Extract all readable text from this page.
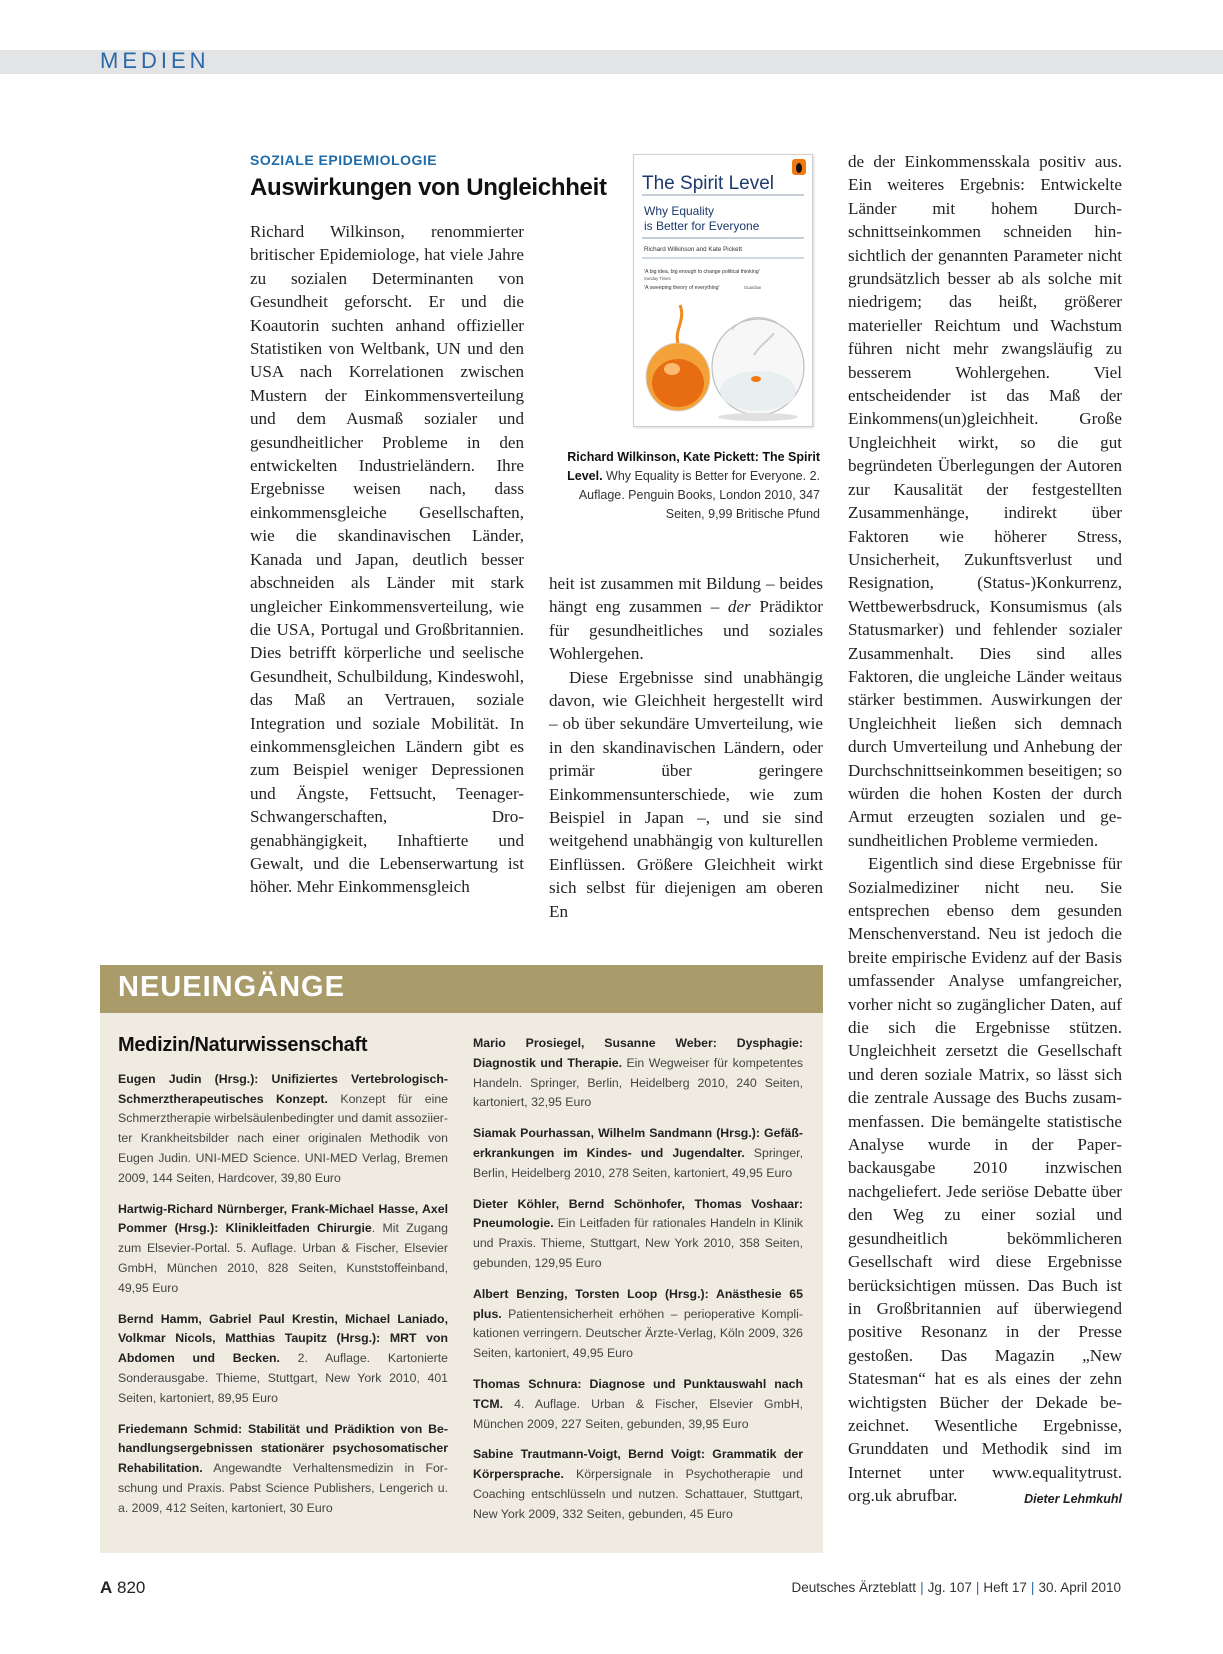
MEDIEN
SOZIALE EPIDEMIOLOGIE
Auswirkungen von Ungleichheit

Richard Wilkinson, renommierter britischer Epidemiologe, hat viele Jahre zu sozialen Determinanten von Gesundheit geforscht. Er und die Koautorin suchten anhand offizieller Statistiken von Weltbank, UN und den USA nach Korrelationen zwischen Mustern der Einkommensverteilung und dem Ausmaß sozialer und gesundheitlicher Probleme in den entwickelten Industrieländern. Ihre Ergebnisse weisen nach, dass einkommensgleiche Gesellschaften, wie die skandinavischen Länder, Kanada und Japan, deutlich besser abschneiden als Länder mit stark ungleicher Einkommensverteilung, wie die USA, Portugal und Großbritannien. Dies betrifft körperliche und seelische Gesundheit, Schulbildung, Kindeswohl, das Maß an Vertrauen, soziale Integration und soziale Mobilität. In einkommensgleichen Ländern gibt es zum Beispiel weniger Depressionen und Ängste, Fettsucht, Teenager-Schwangerschaften, Drogenabhängigkeit, Inhaftierte und Gewalt, und die Lebenserwartung ist höher. Mehr Einkommensgleich

The Spirit Level
Why Equality
is Better for Everyone
Richard Wilkinson and Kate Pickett
'A big idea, big enough to change political thinking'
Sunday Times
'A sweeping theory of everything'	Guardian
Richard Wilkinson, Kate Pickett: The Spirit Level. Why Equality is Better for Everyone. 2. Auflage. Penguin Books, London 2010, 347 Seiten, 9,99 Britische Pfund

heit ist zusammen mit Bildung – beides hängt eng zusammen – der Prädiktor für gesundheitliches und soziales Wohlergehen.

Diese Ergebnisse sind unabhängig davon, wie Gleichheit hergestellt wird – ob über sekundäre Umverteilung, wie in den skandinavischen Ländern, oder primär über geringere Einkommensunterschiede, wie zum Beispiel in Japan –, und sie sind weitgehend unabhängig von kulturellen Einflüssen. Größere Gleichheit wirkt sich selbst für diejenigen am oberen En

de der Einkommensskala positiv aus. Ein weiteres Ergebnis: Entwickelte Länder mit hohem Durchschnittseinkommen schneiden hinsichtlich der genannten Parameter nicht grundsätzlich besser ab als solche mit niedrigem; das heißt, größerer materieller Reichtum und Wachstum führen nicht mehr zwangsläufig zu besserem Wohlergehen. Viel entscheidender ist das Maß der Einkommens(un)gleichheit. Große Ungleichheit wirkt, so die gut begründeten Überlegungen der Autoren zur Kausalität der festgestellten Zusammenhänge, indirekt über Faktoren wie höherer Stress, Unsicherheit, Zukunftsverlust und Resignation, (Status-)Konkurrenz, Wettbewerbsdruck, Konsumismus (als Statusmarker) und fehlender sozialer Zusammenhalt. Dies sind alles Faktoren, die ungleiche Länder weitaus stärker bestimmen. Auswirkungen der Ungleichheit ließen sich demnach durch Umverteilung und Anhebung der Durchschnittseinkommen beseitigen; so würden die hohen Kosten der durch Armut erzeugten sozialen und gesundheitlichen Probleme vermieden.

Eigentlich sind diese Ergebnisse für Sozialmediziner nicht neu. Sie entsprechen ebenso dem gesunden Menschenverstand. Neu ist jedoch die breite empirische Evidenz auf der Basis umfassender Analyse umfangreicher, vorher nicht so zugänglicher Daten, auf die sich die Ergebnisse stützen. Ungleichheit zersetzt die Gesellschaft und deren soziale Matrix, so lässt sich die zentrale Aussage des Buchs zusammenfassen. Die bemängelte statistische Analyse wurde in der Paperbackausgabe 2010 inzwischen nachgeliefert. Jede seriöse Debatte über den Weg zu einer sozial und gesundheitlich bekömmlicheren Gesellschaft wird diese Ergebnisse berücksichtigen müssen. Das Buch ist in Großbritannien auf überwiegend positive Resonanz in der Presse gestoßen. Das Magazin „New Statesman“ hat es als eines der zehn wichtigsten Bücher der Dekade bezeichnet. Wesentliche Ergebnisse, Grunddaten und Methodik sind im Internet unter www.equalitytrust. org.uk abrufbar.	Dieter Lehmkuhl

NEUEINGÄNGE
Medizin/Naturwissenschaft

Eugen Judin (Hrsg.): Unifiziertes Vertebrologisch-Schmerztherapeutisches Konzept. Konzept für eine Schmerztherapie wirbelsäulenbedingter und damit assoziierter Krankheitsbilder nach einer originalen Methodik von Eugen Judin. UNI-MED Science. UNI-MED Verlag, Bremen 2009, 144 Seiten, Hardcover, 39,80 Euro

Hartwig-Richard Nürnberger, Frank-Michael Hasse, Axel Pommer (Hrsg.): Klinikleitfaden Chirurgie. Mit Zugang zum Elsevier-Portal. 5. Auflage. Urban & Fischer, Elsevier GmbH, München 2010, 828 Seiten, Kunststoffeinband, 49,95 Euro

Bernd Hamm, Gabriel Paul Krestin, Michael Laniado, Volkmar Nicols, Matthias Taupitz (Hrsg.): MRT von Abdomen und Becken. 2. Auflage. Kartonierte Sonderausgabe. Thieme, Stuttgart, New York 2010, 401 Seiten, kartoniert, 89,95 Euro

Friedemann Schmid: Stabilität und Prädiktion von Behandlungsergebnissen stationärer psychosomatischer Rehabilitation. Angewandte Verhaltensmedizin in Forschung und Praxis. Pabst Science Publishers, Lengerich u. a. 2009, 412 Seiten, kartoniert, 30 Euro

Mario Prosiegel, Susanne Weber: Dysphagie: Diagnostik und Therapie. Ein Wegweiser für kompetentes Handeln. Springer, Berlin, Heidelberg 2010, 240 Seiten, kartoniert, 32,95 Euro

Siamak Pourhassan, Wilhelm Sandmann (Hrsg.): Gefäßerkrankungen im Kindes- und Jugendalter. Springer, Berlin, Heidelberg 2010, 278 Seiten, kartoniert, 49,95 Euro

Dieter Köhler, Bernd Schönhofer, Thomas Voshaar: Pneumologie. Ein Leitfaden für rationales Handeln in Klinik und Praxis. Thieme, Stuttgart, New York 2010, 358 Seiten, gebunden, 129,95 Euro

Albert Benzing, Torsten Loop (Hrsg.): Anästhesie 65 plus. Patientensicherheit erhöhen – perioperative Komplikationen verringern. Deutscher Ärzte-Verlag, Köln 2009, 326 Seiten, kartoniert, 49,95 Euro

Thomas Schnura: Diagnose und Punktauswahl nach TCM. 4. Auflage. Urban & Fischer, Elsevier GmbH, München 2009, 227 Seiten, gebunden, 39,95 Euro

Sabine Trautmann-Voigt, Bernd Voigt: Grammatik der Körpersprache. Körpersignale in Psychotherapie und Coaching entschlüsseln und nutzen. Schattauer, Stuttgart, New York 2009, 332 Seiten, gebunden, 45 Euro

A 820	Deutsches Ärzteblatt | Jg. 107 | Heft 17 | 30. April 2010
